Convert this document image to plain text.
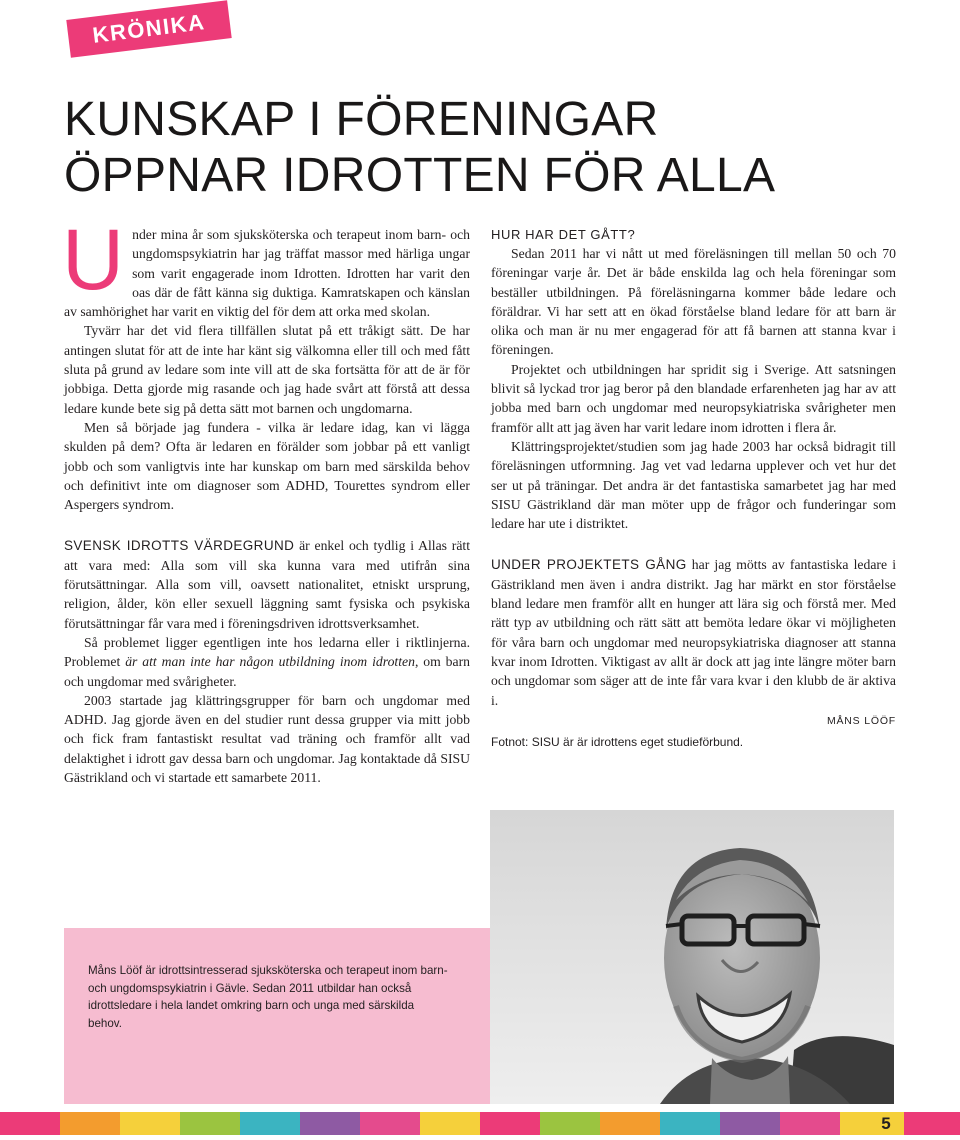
KRÖNIKA
KUNSKAP I FÖRENINGAR
ÖPPNAR IDROTTEN FÖR ALLA

Under mina år som sjuksköterska och terapeut inom barn- och ungdomspsykiatrin har jag träffat massor med härliga ungar som varit engagerade inom Idrotten. Idrotten har varit den oas där de fått känna sig duktiga. Kamratskapen och känslan av samhörighet har varit en viktig del för dem att orka med skolan.

Tyvärr har det vid flera tillfällen slutat på ett tråkigt sätt. De har antingen slutat för att de inte har känt sig välkomna eller till och med fått sluta på grund av ledare som inte vill att de ska fortsätta för att de är för jobbiga. Detta gjorde mig rasande och jag hade svårt att förstå att dessa ledare kunde bete sig på detta sätt mot barnen och ungdomarna.

Men så började jag fundera - vilka är ledare idag, kan vi lägga skulden på dem? Ofta är ledaren en förälder som jobbar på ett vanligt jobb och som vanligtvis inte har kunskap om barn med särskilda behov och definitivt inte om diagnoser som ADHD, Tourettes syndrom eller Aspergers syndrom.

SVENSK IDROTTS VÄRDEGRUND är enkel och tydlig i Allas rätt att vara med: Alla som vill ska kunna vara med utifrån sina förutsättningar. Alla som vill, oavsett nationalitet, etniskt ursprung, religion, ålder, kön eller sexuell läggning samt fysiska och psykiska förutsättningar får vara med i föreningsdriven idrottsverksamhet.

Så problemet ligger egentligen inte hos ledarna eller i riktlinjerna. Problemet är att man inte har någon utbildning inom idrotten, om barn och ungdomar med svårigheter.

2003 startade jag klättringsgrupper för barn och ungdomar med ADHD. Jag gjorde även en del studier runt dessa grupper via mitt jobb och fick fram fantastiskt resultat vad träning och framför allt vad delaktighet i idrott gav dessa barn och ungdomar. Jag kontaktade då SISU Gästrikland och vi startade ett samarbete 2011.

HUR HAR DET GÅTT?

Sedan 2011 har vi nått ut med föreläsningen till mellan 50 och 70 föreningar varje år. Det är både enskilda lag och hela föreningar som beställer utbildningen. På föreläsningarna kommer både ledare och föräldrar. Vi har sett att en ökad förståelse bland ledare för att barn är olika och man är nu mer engagerad för att få barnen att stanna kvar i föreningen.

Projektet och utbildningen har spridit sig i Sverige. Att satsningen blivit så lyckad tror jag beror på den blandade erfarenheten jag har av att jobba med barn och ungdomar med neuropsykiatriska svårigheter men framför allt att jag även har varit ledare inom idrotten i flera år.

Klättringsprojektet/studien som jag hade 2003 har också bidragit till föreläsningen utformning. Jag vet vad ledarna upplever och vet hur det ser ut på träningar. Det andra är det fantastiska samarbetet jag har med SISU Gästrikland där man möter upp de frågor och funderingar som ledare har ute i distriktet.

UNDER PROJEKTETS GÅNG har jag mötts av fantastiska ledare i Gästrikland men även i andra distrikt. Jag har märkt en stor förståelse bland ledare men framför allt en hunger att lära sig och förstå mer. Med rätt typ av utbildning och rätt sätt att bemöta ledare ökar vi möjligheten för våra barn och ungdomar med neuropsykiatriska diagnoser att stanna kvar inom Idrotten. Viktigast av allt är dock att jag inte längre möter barn och ungdomar som säger att de inte får vara kvar i den klubb de är aktiva i.

MÅNS LÖÖF
Fotnot: SISU är är idrottens eget studieförbund.
Måns Lööf är idrottsintresserad sjuksköterska och terapeut inom barn- och ungdomspsykiatrin i Gävle. Sedan 2011 utbildar han också idrottsledare i hela landet omkring barn och unga med särskilda behov.
5
